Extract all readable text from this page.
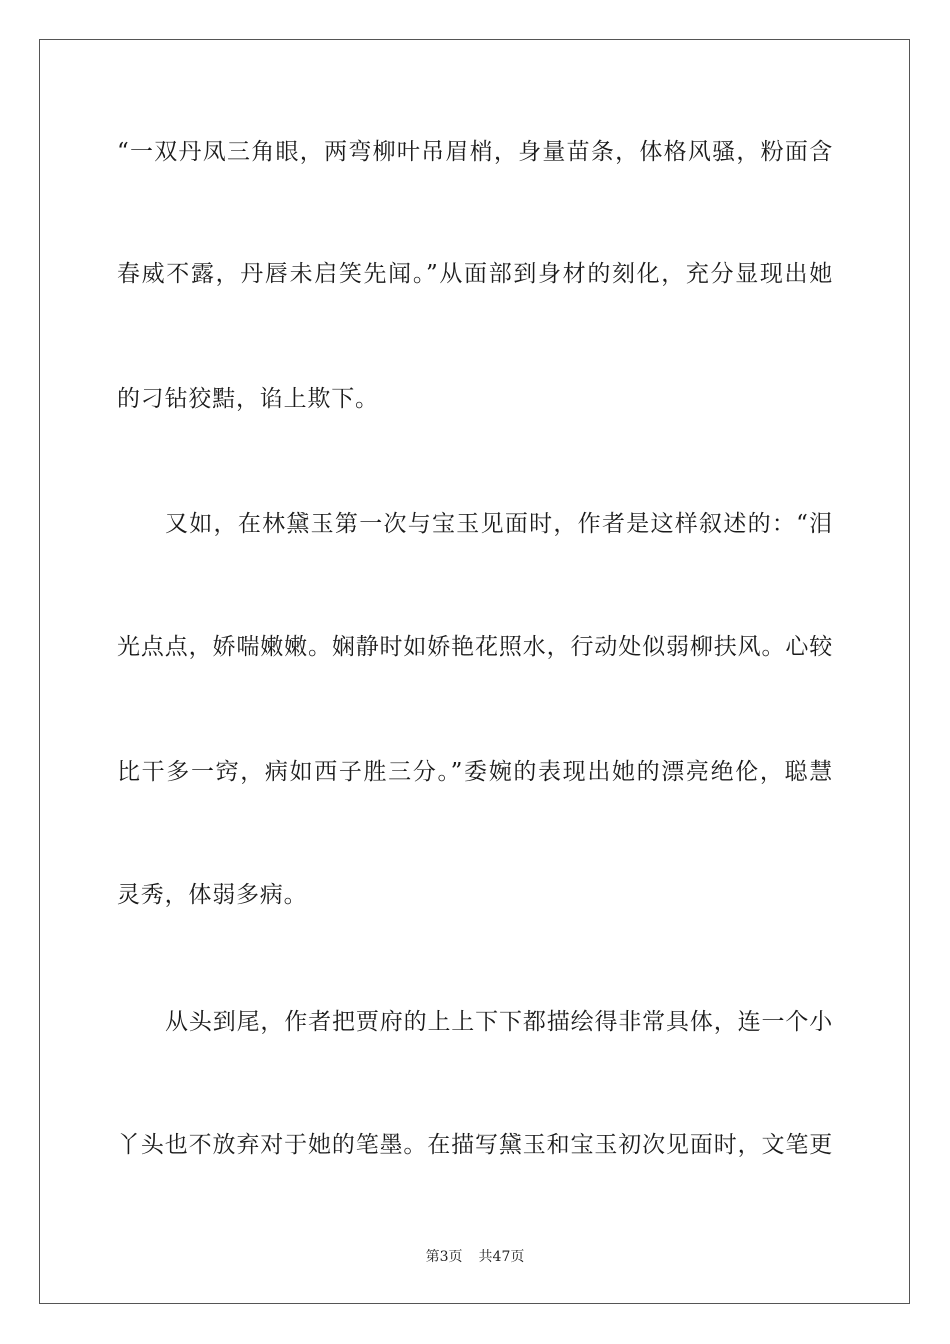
“一双丹凤三角眼，两弯柳叶吊眉梢，身量苗条，体格风骚，粉面含
春威不露，丹唇未启笑先闻。”从面部到身材的刻化，充分显现出她
的刁钻狡黠，谄上欺下。
又如，在林黛玉第一次与宝玉见面时，作者是这样叙述的：“泪
光点点，娇喘嫩嫩。娴静时如娇艳花照水，行动处似弱柳扶风。心较
比干多一窍，病如西子胜三分。”委婉的表现出她的漂亮绝伦，聪慧
灵秀，体弱多病。
从头到尾，作者把贾府的上上下下都描绘得非常具体，连一个小
丫头也不放弃对于她的笔墨。在描写黛玉和宝玉初次见面时，文笔更
第3页 共47页
